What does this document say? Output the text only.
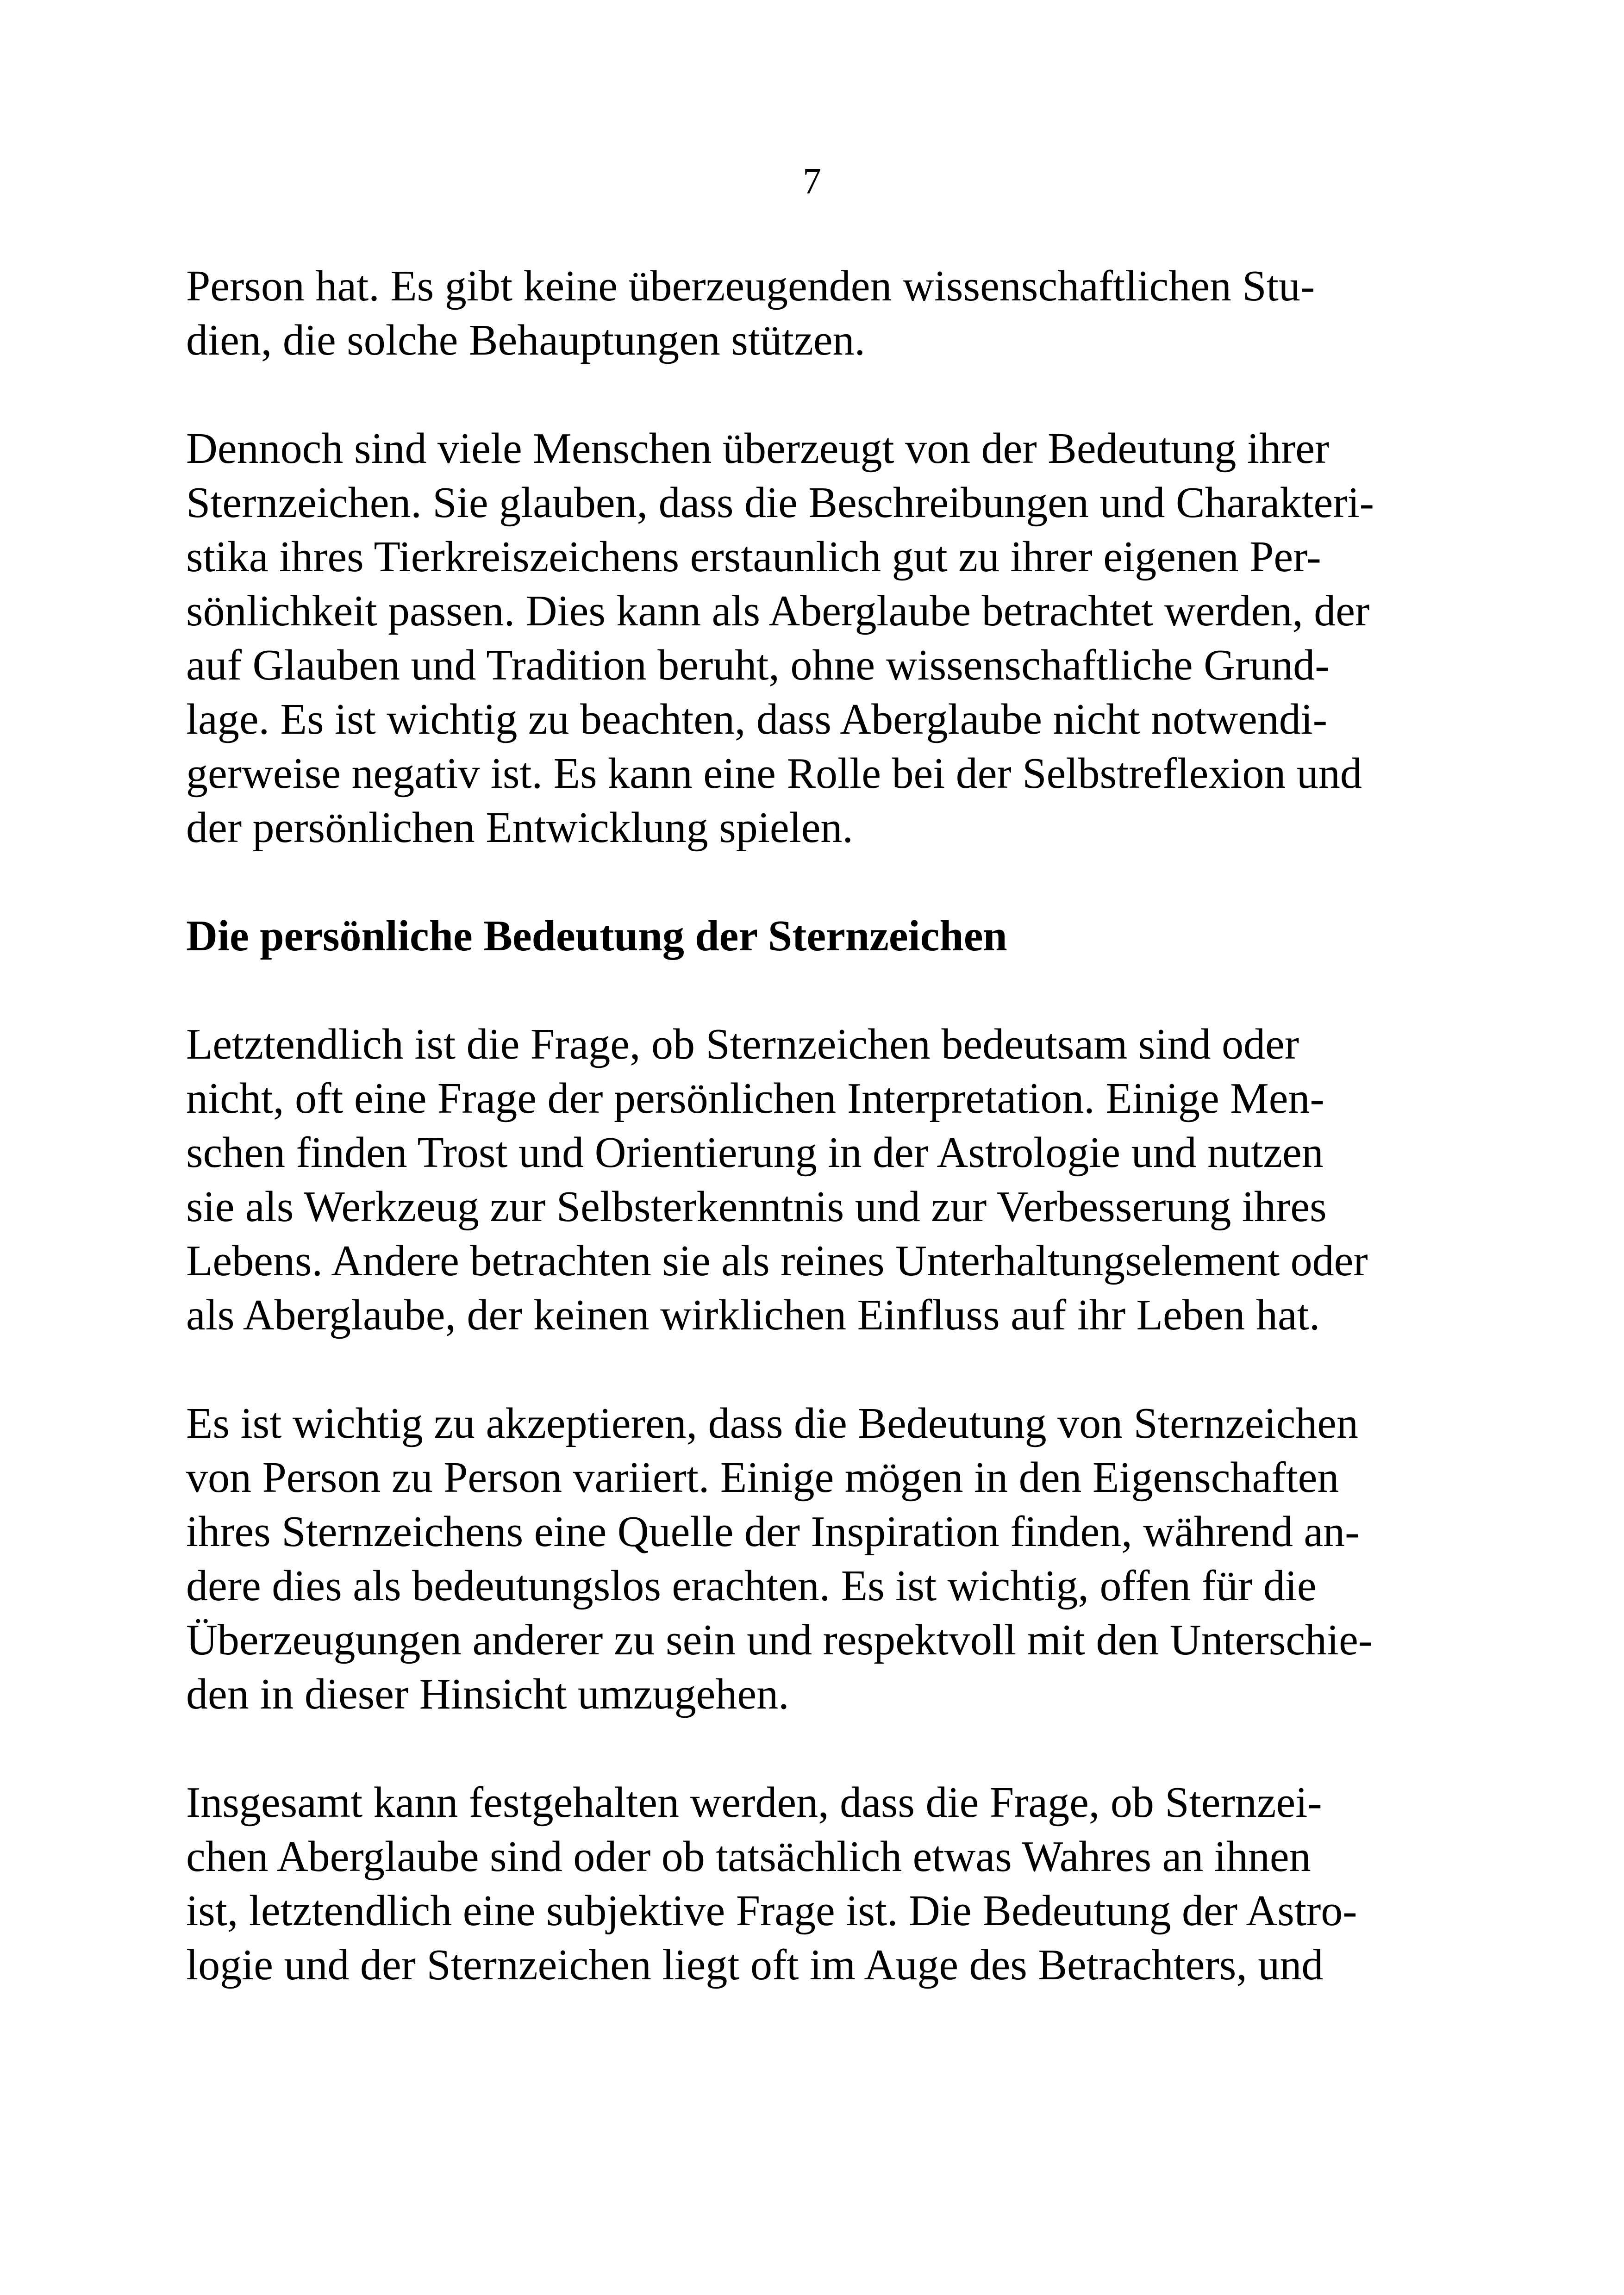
7
Person hat. Es gibt keine überzeugenden wissenschaftlichen Stu-
dien, die solche Behauptungen stützen.
Dennoch sind viele Menschen überzeugt von der Bedeutung ihrer
Sternzeichen. Sie glauben, dass die Beschreibungen und Charakteri-
stika ihres Tierkreiszeichens erstaunlich gut zu ihrer eigenen Per-
sönlichkeit passen. Dies kann als Aberglaube betrachtet werden, der
auf Glauben und Tradition beruht, ohne wissenschaftliche Grund-
lage. Es ist wichtig zu beachten, dass Aberglaube nicht notwendi-
gerweise negativ ist. Es kann eine Rolle bei der Selbstreflexion und
der persönlichen Entwicklung spielen.
Die persönliche Bedeutung der Sternzeichen
Letztendlich ist die Frage, ob Sternzeichen bedeutsam sind oder
nicht, oft eine Frage der persönlichen Interpretation. Einige Men-
schen finden Trost und Orientierung in der Astrologie und nutzen
sie als Werkzeug zur Selbsterkenntnis und zur Verbesserung ihres
Lebens. Andere betrachten sie als reines Unterhaltungselement oder
als Aberglaube, der keinen wirklichen Einfluss auf ihr Leben hat.
Es ist wichtig zu akzeptieren, dass die Bedeutung von Sternzeichen
von Person zu Person variiert. Einige mögen in den Eigenschaften
ihres Sternzeichens eine Quelle der Inspiration finden, während an-
dere dies als bedeutungslos erachten. Es ist wichtig, offen für die
Überzeugungen anderer zu sein und respektvoll mit den Unterschie-
den in dieser Hinsicht umzugehen.
Insgesamt kann festgehalten werden, dass die Frage, ob Sternzei-
chen Aberglaube sind oder ob tatsächlich etwas Wahres an ihnen
ist, letztendlich eine subjektive Frage ist. Die Bedeutung der Astro-
logie und der Sternzeichen liegt oft im Auge des Betrachters, und
